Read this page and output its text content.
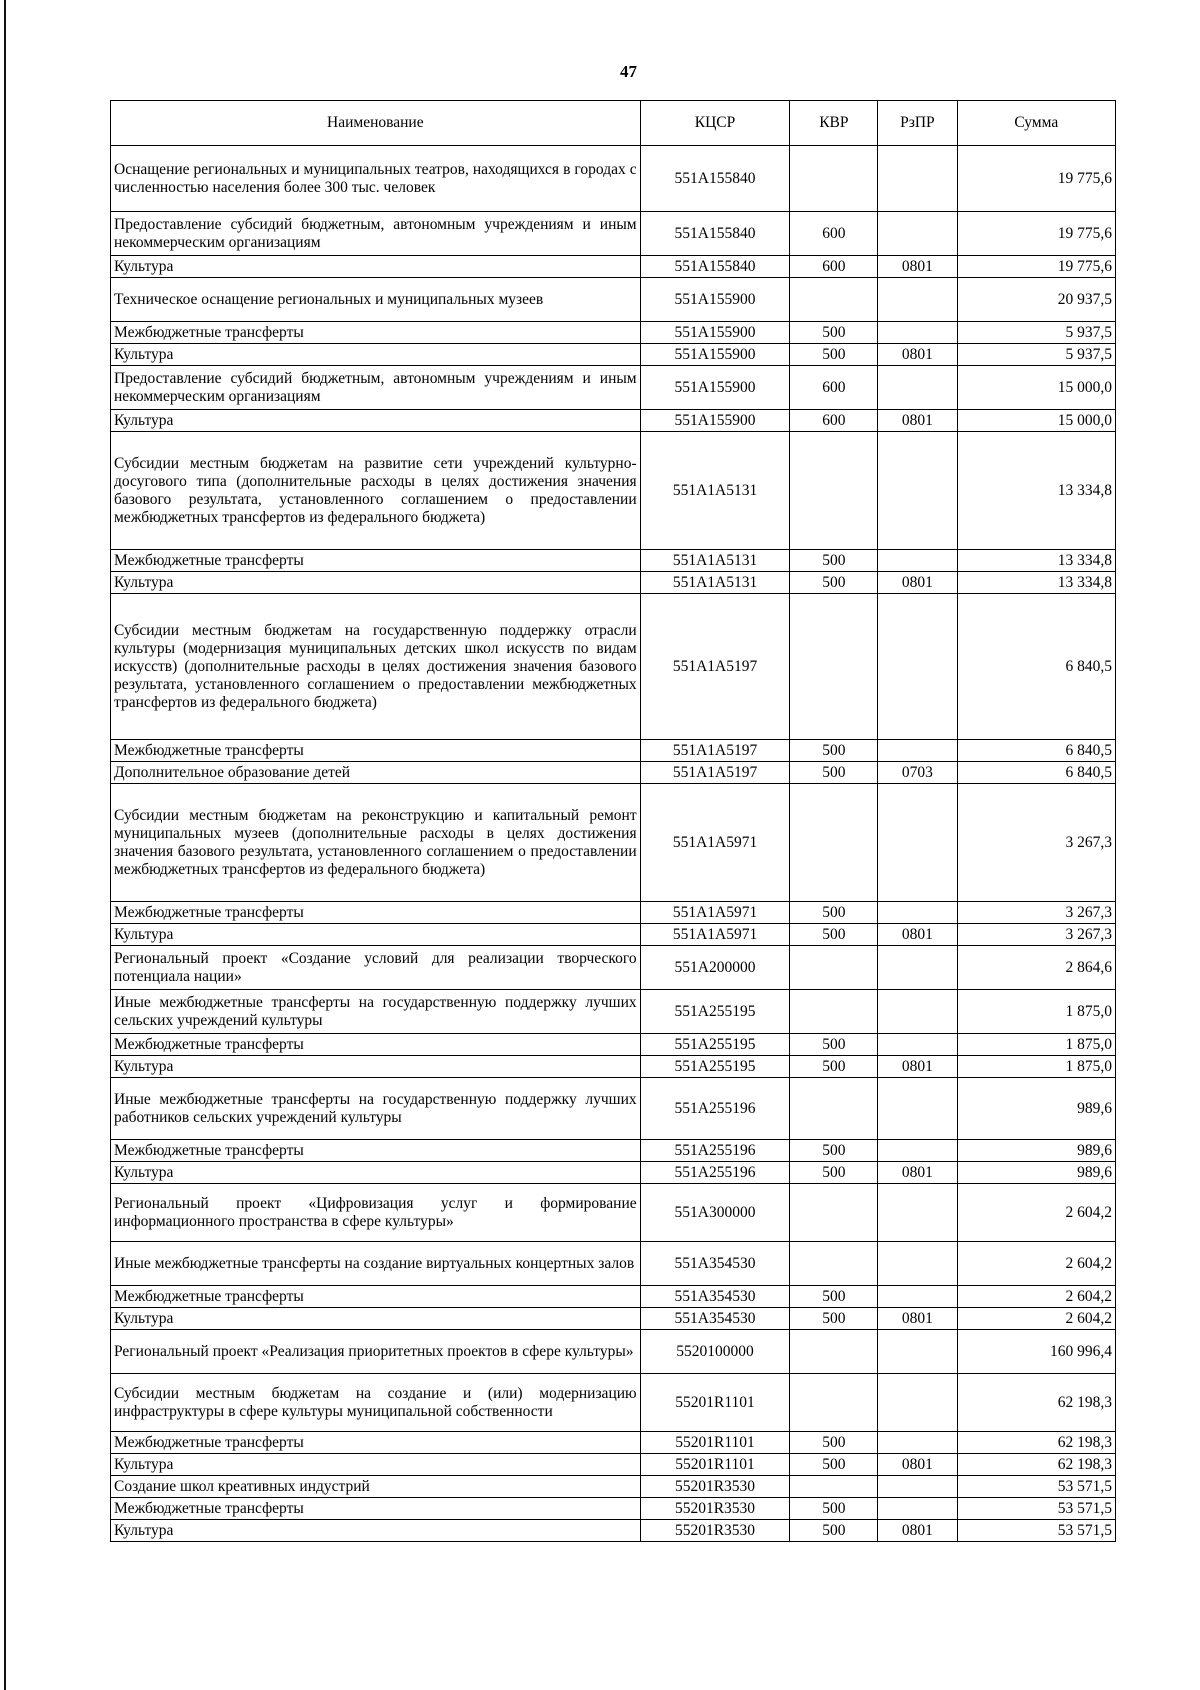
47
Наименование	КЦСР	КВР	РзПР	Сумма
Оснащение региональных и муниципальных театров, находящихся в городах с численностью населения более 300 тыс. человек	551A155840			19 775,6
Предоставление субсидий бюджетным, автономным учреждениям и иным некоммерческим организациям	551A155840	600		19 775,6
Культура	551A155840	600	0801	19 775,6
Техническое оснащение региональных и муниципальных музеев	551A155900			20 937,5
Межбюджетные трансферты	551A155900	500		5 937,5
Культура	551A155900	500	0801	5 937,5
Предоставление субсидий бюджетным, автономным учреждениям и иным некоммерческим организациям	551A155900	600		15 000,0
Культура	551A155900	600	0801	15 000,0
Субсидии местным бюджетам на развитие сети учреждений культурно-досугового типа (дополнительные расходы в целях достижения значения базового результата, установленного соглашением о предоставлении межбюджетных трансфертов из федерального бюджета)	551A1A5131			13 334,8
Межбюджетные трансферты	551A1A5131	500		13 334,8
Культура	551A1A5131	500	0801	13 334,8
Субсидии местным бюджетам на государственную поддержку отрасли культуры (модернизация муниципальных детских школ искусств по видам искусств) (дополнительные расходы в целях достижения значения базового результата, установленного соглашением о предоставлении межбюджетных трансфертов из федерального бюджета)	551A1A5197			6 840,5
Межбюджетные трансферты	551A1A5197	500		6 840,5
Дополнительное образование детей	551A1A5197	500	0703	6 840,5
Субсидии местным бюджетам на реконструкцию и капитальный ремонт муниципальных музеев (дополнительные расходы в целях достижения значения базового результата, установленного соглашением о предоставлении межбюджетных трансфертов из федерального бюджета)	551A1A5971			3 267,3
Межбюджетные трансферты	551A1A5971	500		3 267,3
Культура	551A1A5971	500	0801	3 267,3
Региональный проект «Создание условий для реализации творческого потенциала нации»	551A200000			2 864,6
Иные межбюджетные трансферты на государственную поддержку лучших сельских учреждений культуры	551A255195			1 875,0
Межбюджетные трансферты	551A255195	500		1 875,0
Культура	551A255195	500	0801	1 875,0
Иные межбюджетные трансферты на государственную поддержку лучших работников сельских учреждений культуры	551A255196			989,6
Межбюджетные трансферты	551A255196	500		989,6
Культура	551A255196	500	0801	989,6
Региональный проект «Цифровизация услуг и формирование информационного пространства в сфере культуры»	551A300000			2 604,2
Иные межбюджетные трансферты на создание виртуальных концертных залов	551A354530			2 604,2
Межбюджетные трансферты	551A354530	500		2 604,2
Культура	551A354530	500	0801	2 604,2
Региональный проект «Реализация приоритетных проектов в сфере культуры»	5520100000			160 996,4
Субсидии местным бюджетам на создание и (или) модернизацию инфраструктуры в сфере культуры муниципальной собственности	55201R1101			62 198,3
Межбюджетные трансферты	55201R1101	500		62 198,3
Культура	55201R1101	500	0801	62 198,3
Создание школ креативных индустрий	55201R3530			53 571,5
Межбюджетные трансферты	55201R3530	500		53 571,5
Культура	55201R3530	500	0801	53 571,5
